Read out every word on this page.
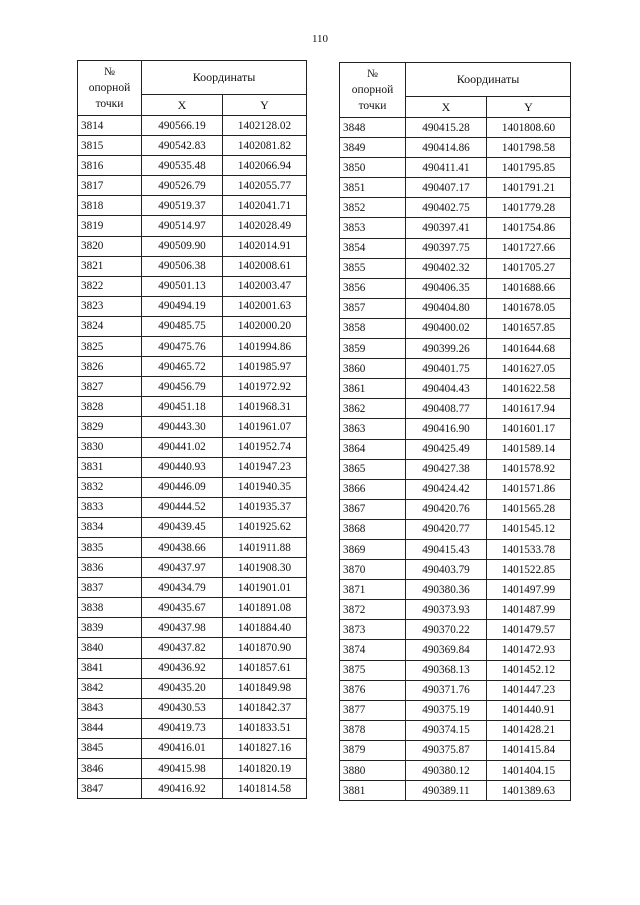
110
№
опорной
точки	Координаты	
	X	Y
3814	490566.19	1402128.02
3815	490542.83	1402081.82
3816	490535.48	1402066.94
3817	490526.79	1402055.77
3818	490519.37	1402041.71
3819	490514.97	1402028.49
3820	490509.90	1402014.91
3821	490506.38	1402008.61
3822	490501.13	1402003.47
3823	490494.19	1402001.63
3824	490485.75	1402000.20
3825	490475.76	1401994.86
3826	490465.72	1401985.97
3827	490456.79	1401972.92
3828	490451.18	1401968.31
3829	490443.30	1401961.07
3830	490441.02	1401952.74
3831	490440.93	1401947.23
3832	490446.09	1401940.35
3833	490444.52	1401935.37
3834	490439.45	1401925.62
3835	490438.66	1401911.88
3836	490437.97	1401908.30
3837	490434.79	1401901.01
3838	490435.67	1401891.08
3839	490437.98	1401884.40
3840	490437.82	1401870.90
3841	490436.92	1401857.61
3842	490435.20	1401849.98
3843	490430.53	1401842.37
3844	490419.73	1401833.51
3845	490416.01	1401827.16
3846	490415.98	1401820.19
3847	490416.92	1401814.58
№
опорной
точки	Координаты	
	X	Y
3848	490415.28	1401808.60
3849	490414.86	1401798.58
3850	490411.41	1401795.85
3851	490407.17	1401791.21
3852	490402.75	1401779.28
3853	490397.41	1401754.86
3854	490397.75	1401727.66
3855	490402.32	1401705.27
3856	490406.35	1401688.66
3857	490404.80	1401678.05
3858	490400.02	1401657.85
3859	490399.26	1401644.68
3860	490401.75	1401627.05
3861	490404.43	1401622.58
3862	490408.77	1401617.94
3863	490416.90	1401601.17
3864	490425.49	1401589.14
3865	490427.38	1401578.92
3866	490424.42	1401571.86
3867	490420.76	1401565.28
3868	490420.77	1401545.12
3869	490415.43	1401533.78
3870	490403.79	1401522.85
3871	490380.36	1401497.99
3872	490373.93	1401487.99
3873	490370.22	1401479.57
3874	490369.84	1401472.93
3875	490368.13	1401452.12
3876	490371.76	1401447.23
3877	490375.19	1401440.91
3878	490374.15	1401428.21
3879	490375.87	1401415.84
3880	490380.12	1401404.15
3881	490389.11	1401389.63
